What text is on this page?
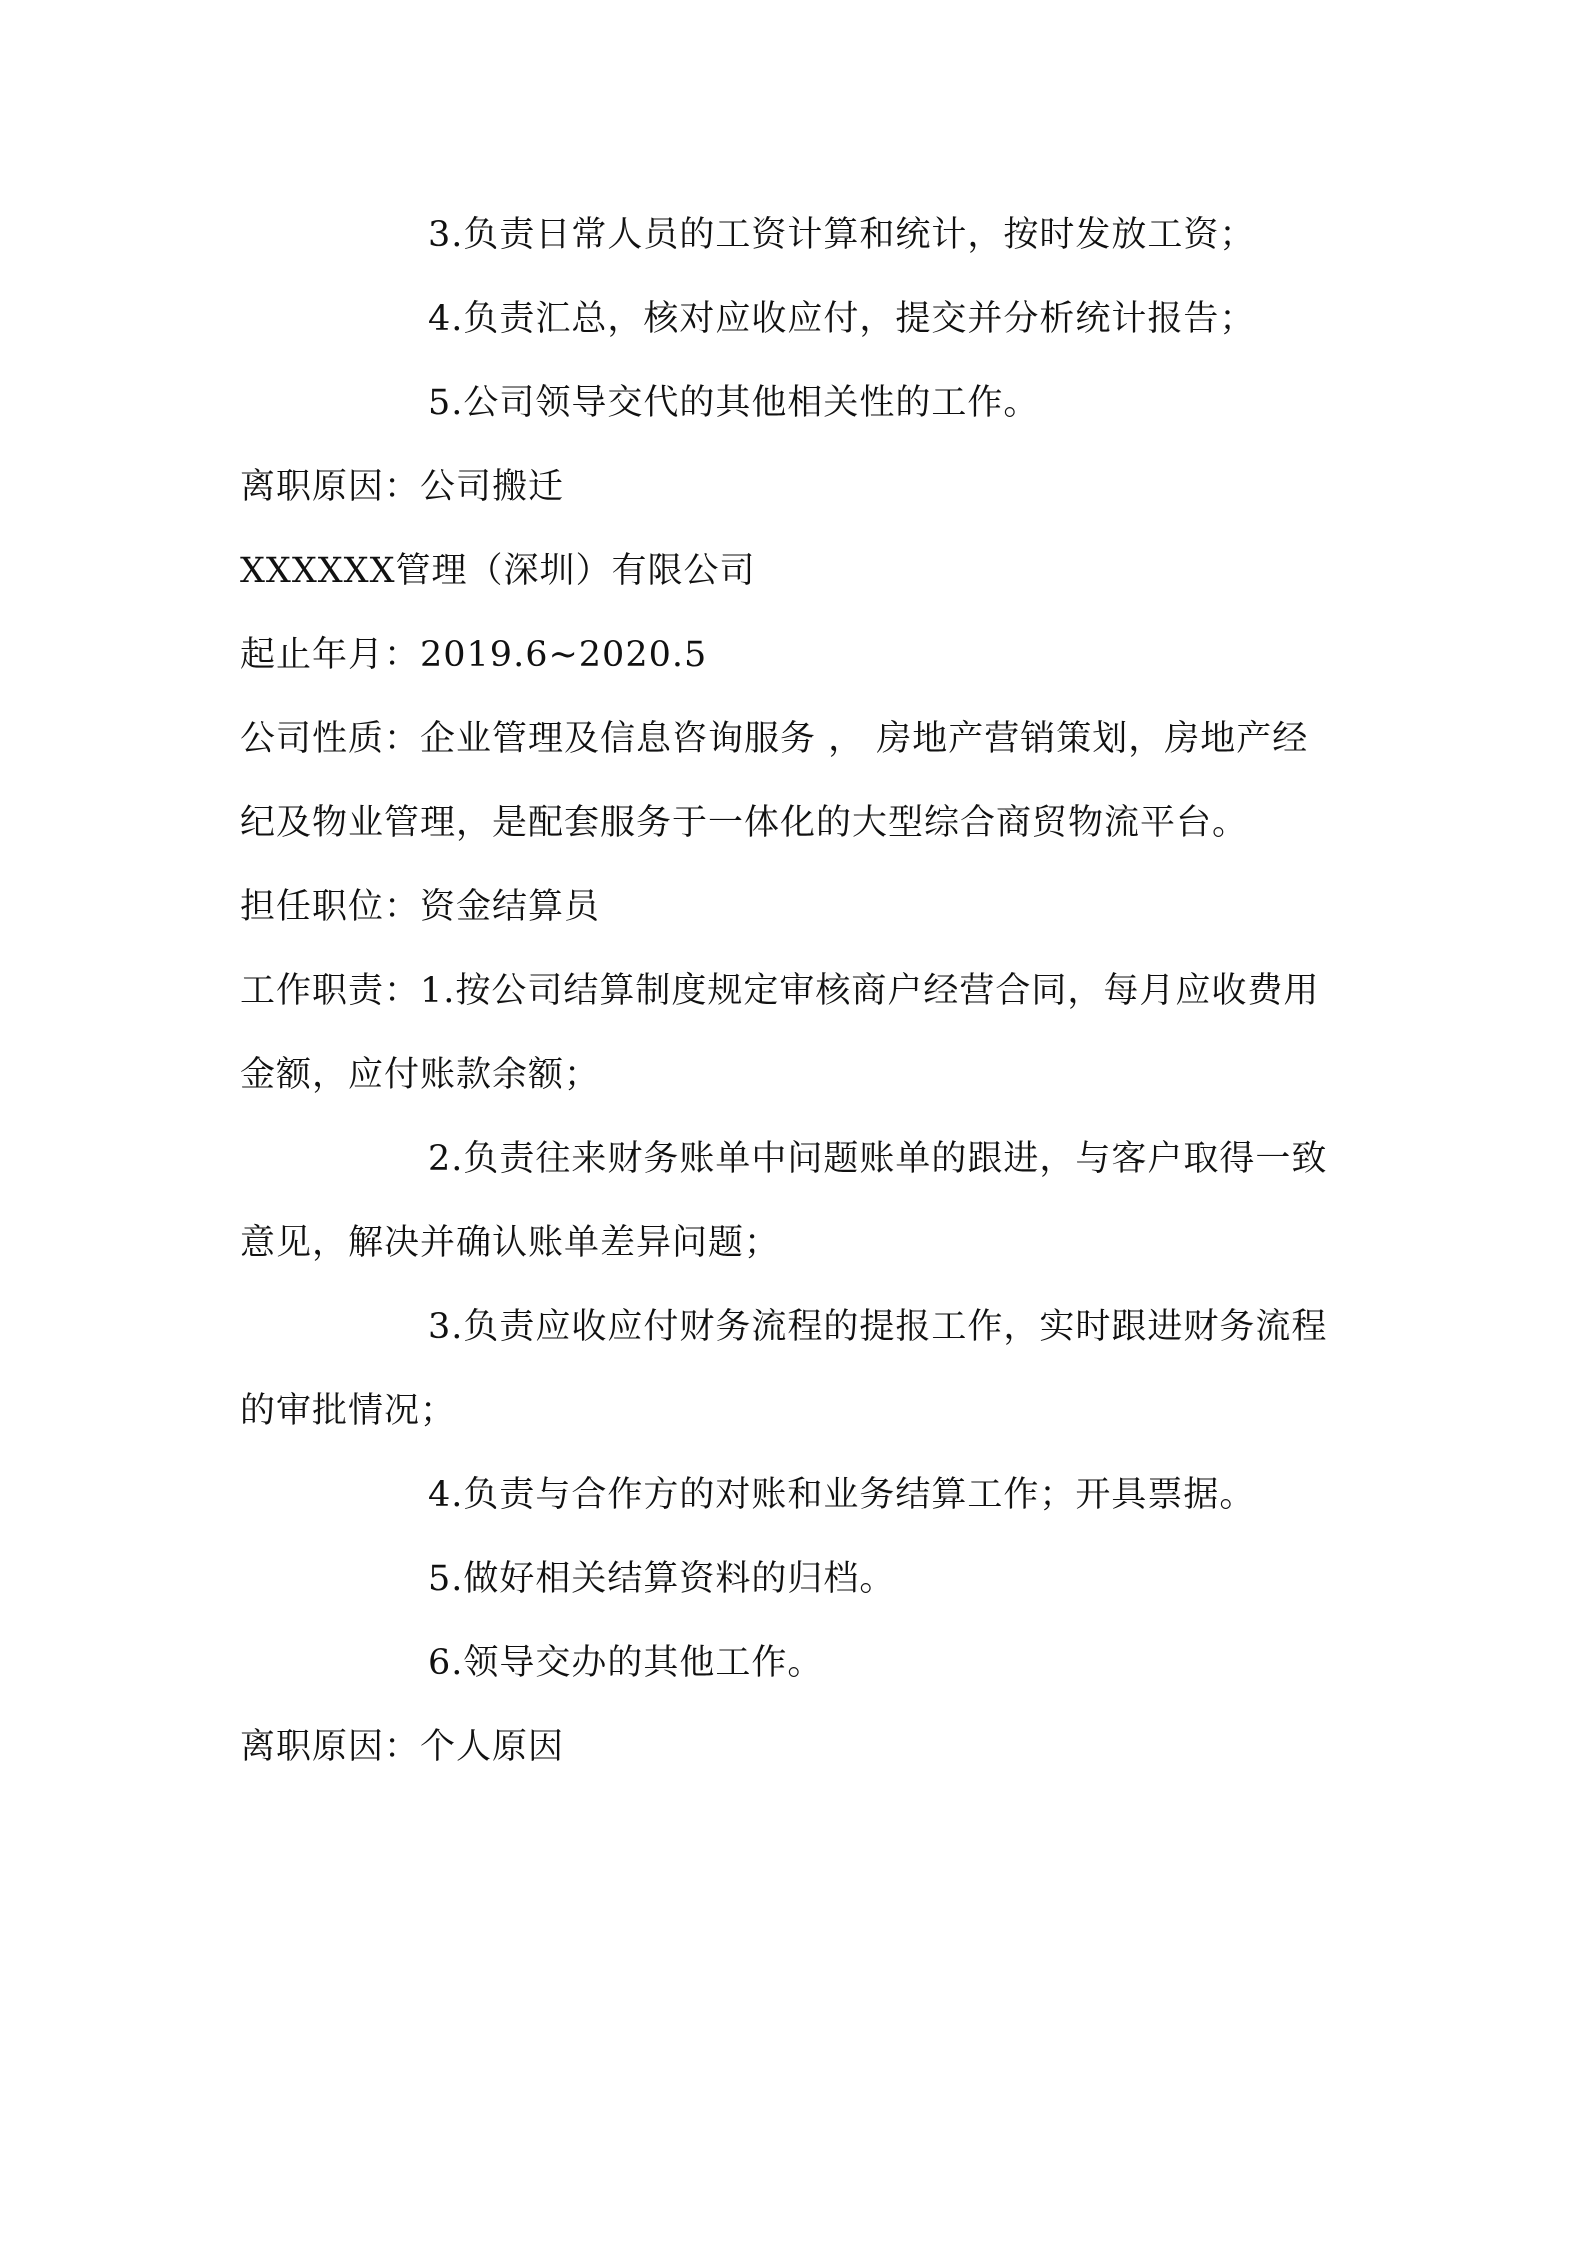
3.负责日常人员的工资计算和统计，按时发放工资；
4.负责汇总，核对应收应付，提交并分析统计报告；
5.公司领导交代的其他相关性的工作。
离职原因：公司搬迁
XXXXXX管理（深圳）有限公司
起止年月：2019.6~2020.5
公司性质：企业管理及信息咨询服务 ， 房地产营销策划，房地产经
纪及物业管理，是配套服务于一体化的大型综合商贸物流平台。
担任职位：资金结算员
工作职责：1.按公司结算制度规定审核商户经营合同，每月应收费用
金额，应付账款余额；
2.负责往来财务账单中问题账单的跟进，与客户取得一致
意见，解决并确认账单差异问题；
3.负责应收应付财务流程的提报工作，实时跟进财务流程
的审批情况；
4.负责与合作方的对账和业务结算工作；开具票据。
5.做好相关结算资料的归档。
6.领导交办的其他工作。
离职原因：个人原因
